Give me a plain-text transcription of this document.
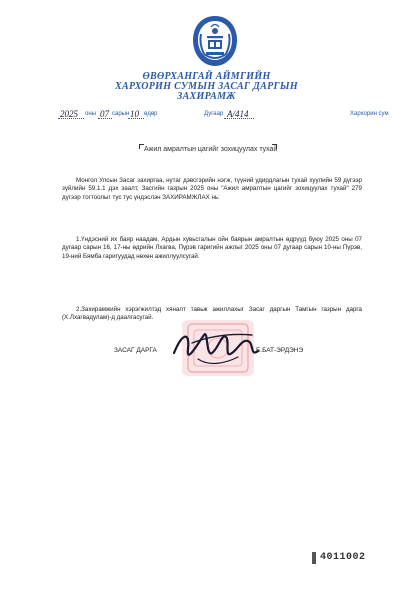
ӨВӨРХАНГАЙ АЙМГИЙН
ХАРХОРИН СУМЫН ЗАСАГ ДАРГЫН
ЗАХИРАМЖ
2025 оны 07 сарын 10 өдөр	Дугаар A/414	Хархорин сум
Ажил амралтын цагийг зохицуулах тухай
Монгол Улсын Засаг захиргаа, нутаг дэвсгэрийн нэгж, түүний удирдлагын тухай хуулийн 59 дүгээр зүйлийн 59.1.1 дэх заалт, Засгийн газрын 2025 оны "Ажил амралтын цагийг зохицуулах тухай" 279 дүгээр тогтоолыг тус тус үндэслэн ЗАХИРАМЖЛАХ нь:
1.Үндэсний их баяр наадам, Ардын хувьсгалын ойн баярын амралтын өдрүүд буюу 2025 оны 07 дугаар сарын 16, 17-ны өдрийн Лхагва, Пүрэв гаригийн ажлыг 2025 оны 07 дугаар сарын 10-ны Пүрэв, 19-ний Бямба гаригуудад нөхөн ажиллуулсугай.
2.Захирамжийн хэрэгжилтэд хяналт тавьж ажиллахыг Засаг даргын Тамгын газрын дарга (Х.Лхагвадулам)-д даалгасугай.
ЗАСАГ ДАРГА	Б.БАТ-ЭРДЭНЭ
4011002
